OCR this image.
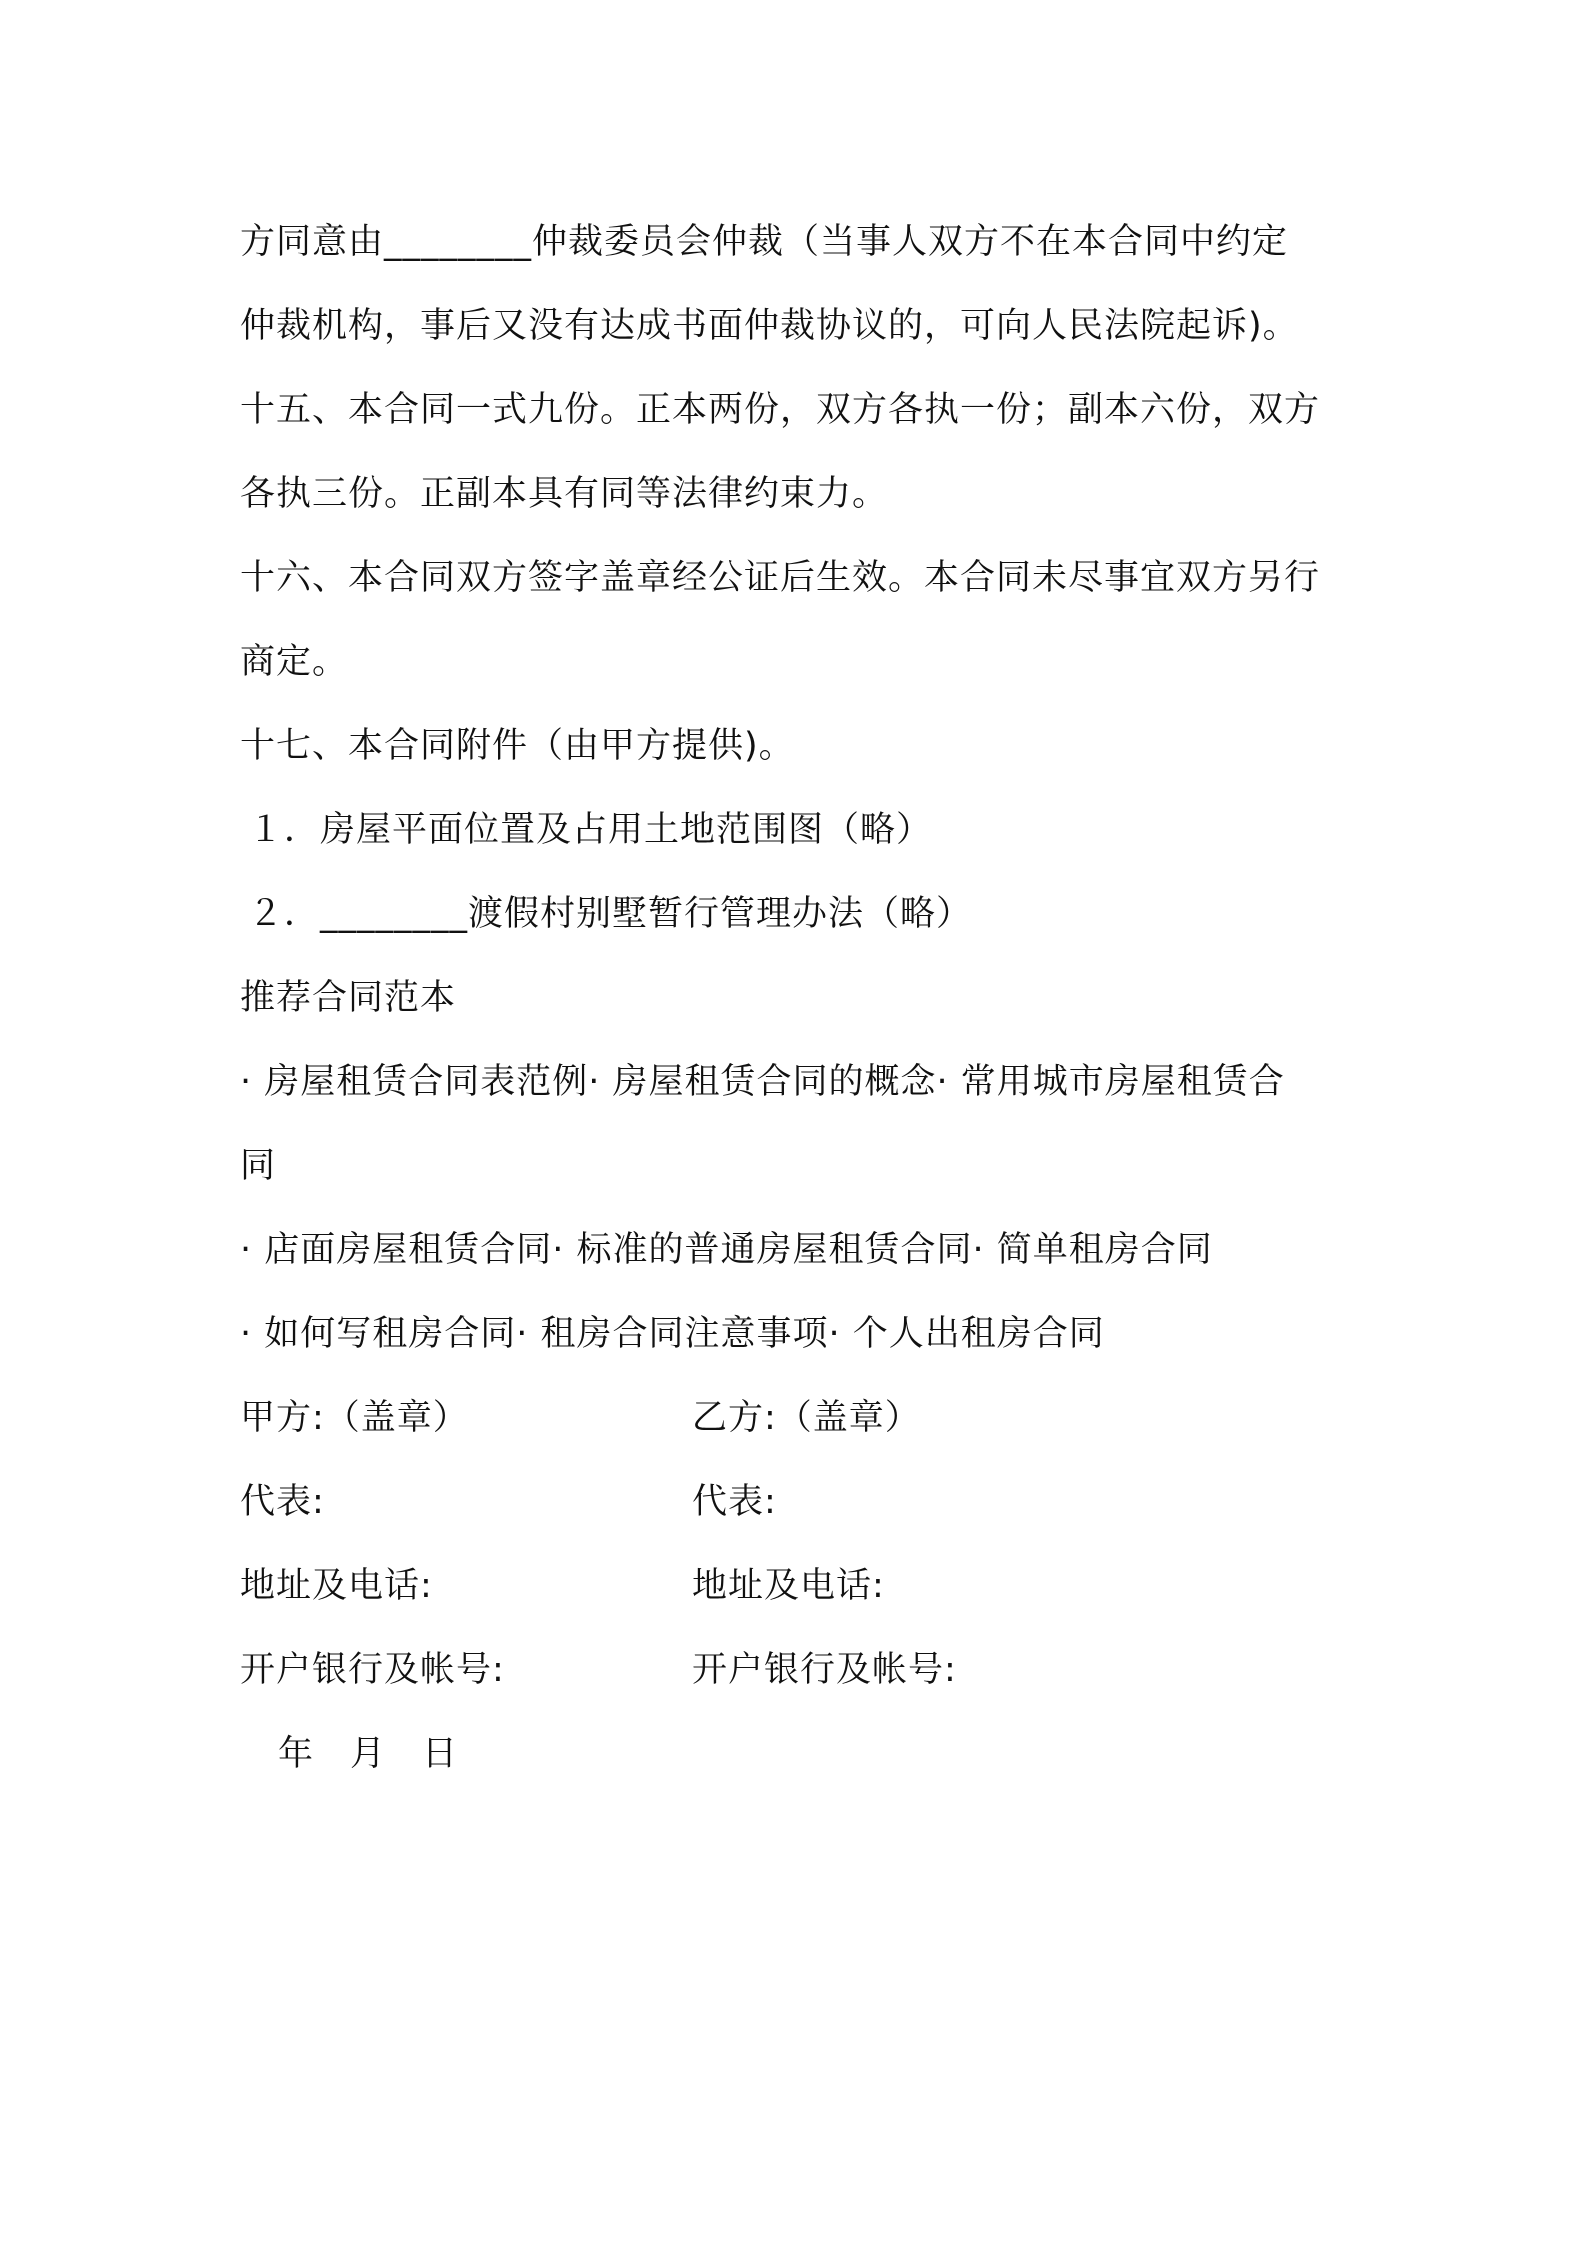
方同意由________仲裁委员会仲裁（当事人双方不在本合同中约定
仲裁机构，事后又没有达成书面仲裁协议的，可向人民法院起诉)。
十五、本合同一式九份。正本两份，双方各执一份；副本六份，双方
各执三份。正副本具有同等法律约束力。
十六、本合同双方签字盖章经公证后生效。本合同未尽事宜双方另行
商定。
十七、本合同附件（由甲方提供)。
１．房屋平面位置及占用土地范围图（略）
２．________渡假村别墅暂行管理办法（略）
推荐合同范本
· 房屋租赁合同表范例· 房屋租赁合同的概念· 常用城市房屋租赁合
同
· 店面房屋租赁合同· 标准的普通房屋租赁合同· 简单租房合同
· 如何写租房合同· 租房合同注意事项· 个人出租房合同
甲方:（盖章）	乙方:（盖章）
代表:	代表:
地址及电话:	地址及电话:
开户银行及帐号:	开户银行及帐号:
年　月　日
